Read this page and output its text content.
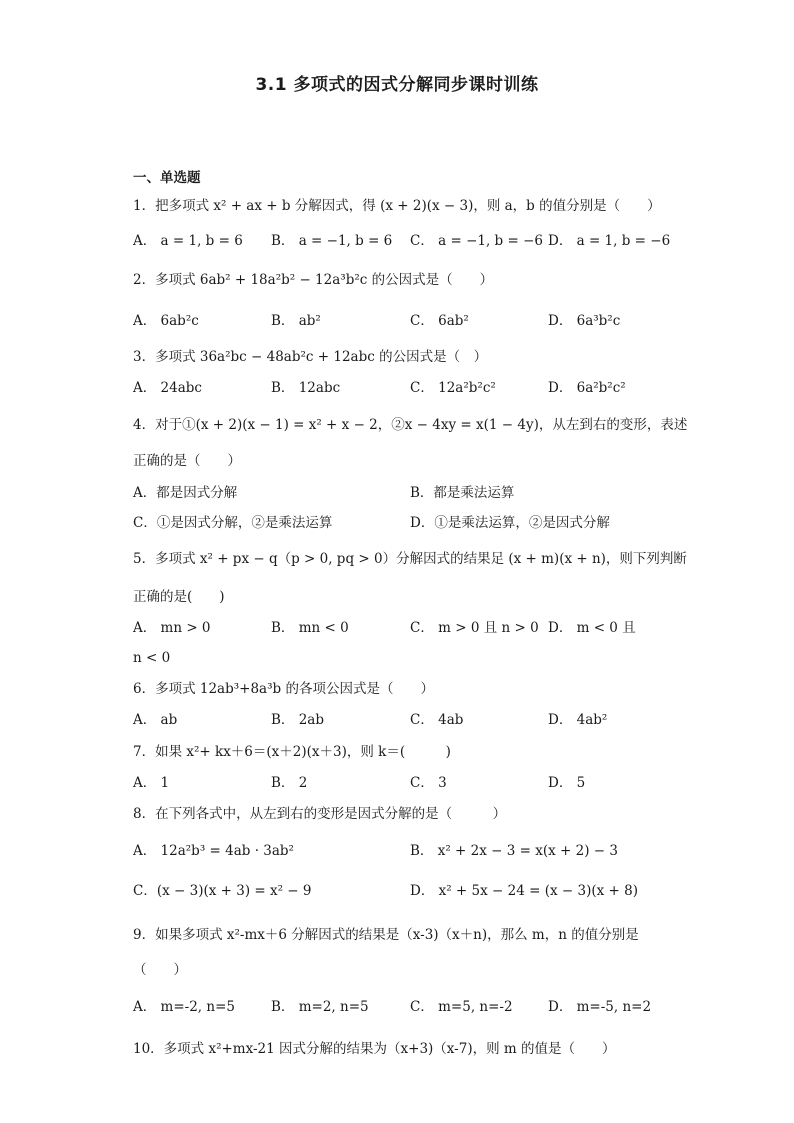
3.1 多项式的因式分解同步课时训练
一、单选题
1．把多项式 x² + ax + b 分解因式，得 (x + 2)(x − 3)，则 a，b 的值分别是（　　）
A． a = 1, b = 6 B． a = −1, b = 6 C． a = −1, b = −6 D． a = 1, b = −6
2．多项式 6ab² + 18a²b² − 12a³b²c 的公因式是（　　）
A． 6ab²c	B． ab²	C． 6ab²	D． 6a³b²c
3．多项式 36a²bc − 48ab²c + 12abc 的公因式是（　）
A． 24abc	B． 12abc	C． 12a²b²c²	D． 6a²b²c²
4．对于①(x + 2)(x − 1) = x² + x − 2，②x − 4xy = x(1 − 4y)，从左到右的变形，表述
正确的是（　　）
A．都是因式分解	B．都是乘法运算
C．①是因式分解，②是乘法运算	D．①是乘法运算，②是因式分解
5．多项式 x² + px − q（p > 0, pq > 0）分解因式的结果足 (x + m)(x + n)，则下列判断
正确的是(　　)
A． mn > 0	B． mn < 0	C． m > 0 且 n > 0 D． m < 0 且
n < 0
6．多项式 12ab³+8a³b 的各项公因式是（　　）
A． ab	B． 2ab	C． 4ab	D． 4ab²
7．如果 x²+ kx＋6＝(x＋2)(x＋3)，则 k＝(　　　)
A． 1	B． 2	C． 3	D． 5
8．在下列各式中，从左到右的变形是因式分解的是（　　　）
A． 12a²b³ = 4ab · 3ab²	B． x² + 2x − 3 = x(x + 2) − 3
C．(x − 3)(x + 3) = x² − 9	D． x² + 5x − 24 = (x − 3)(x + 8)
9．如果多项式 x²-mx＋6 分解因式的结果是（x-3)（x＋n)，那么 m，n 的值分别是
（　　）
A． m=-2, n=5	B． m=2, n=5	C． m=5, n=-2	D． m=-5, n=2
10．多项式 x²+mx-21 因式分解的结果为（x+3)（x-7)，则 m 的值是（　　）
